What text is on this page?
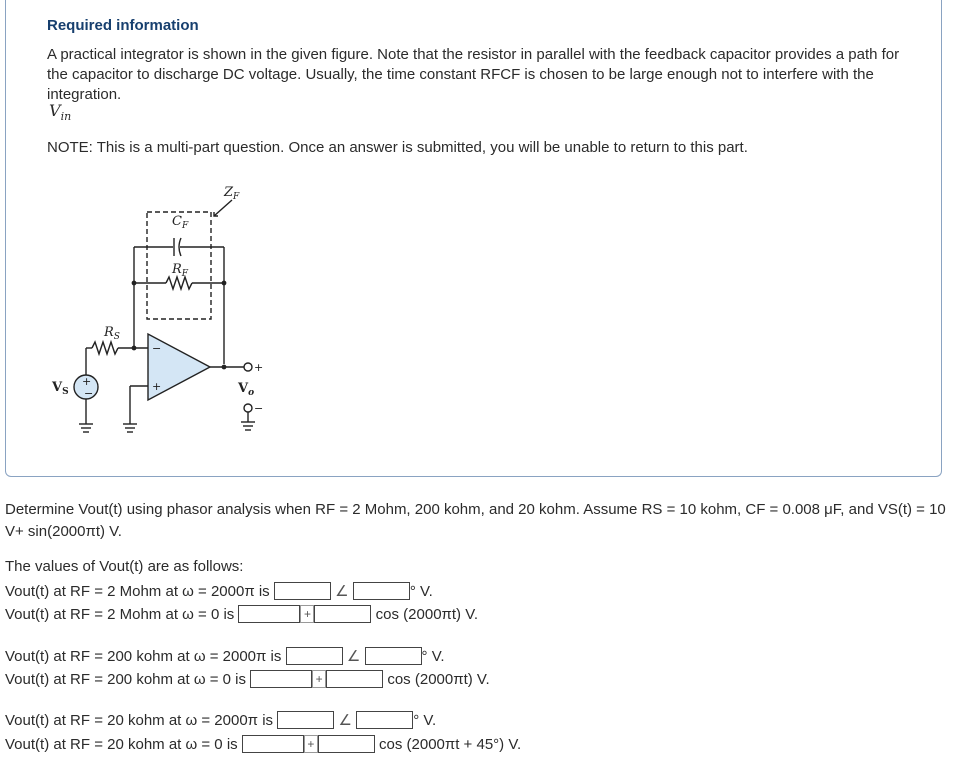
Required information
A practical integrator is shown in the given figure. Note that the resistor in parallel with the feedback capacitor provides a path for the capacitor to discharge DC voltage. Usually, the time constant RFCF is chosen to be large enough not to interfere with the integration.
$V_{in}$
NOTE: This is a multi-part question. Once an answer is submitted, you will be unable to return to this part.
$Z_F$
$C_F$
$R_F$
$R_S$
$V_S$	$V_o$
−
+
+
−
+
−
Determine Vout(t) using phasor analysis when RF = 2 Mohm, 200 kohm, and 20 kohm. Assume RS = 10 kohm, CF = 0.008 μF, and VS(t) = 10 V+ sin(2000πt) V.
The values of Vout(t) are as follows:
Vout(t) at RF = 2 Mohm at ω = 2000π is
	∠	° V.
Vout(t) at RF = 2 Mohm at ω = 0 is
	+
	cos (2000πt) V.
Vout(t) at RF = 200 kohm at ω = 2000π is
	∠	° V.
Vout(t) at RF = 200 kohm at ω = 0 is
	+
	cos (2000πt) V.
Vout(t) at RF = 20 kohm at ω = 2000π is
	∠	° V.
Vout(t) at RF = 20 kohm at ω = 0 is
	+
	cos (2000πt + 45°) V.
